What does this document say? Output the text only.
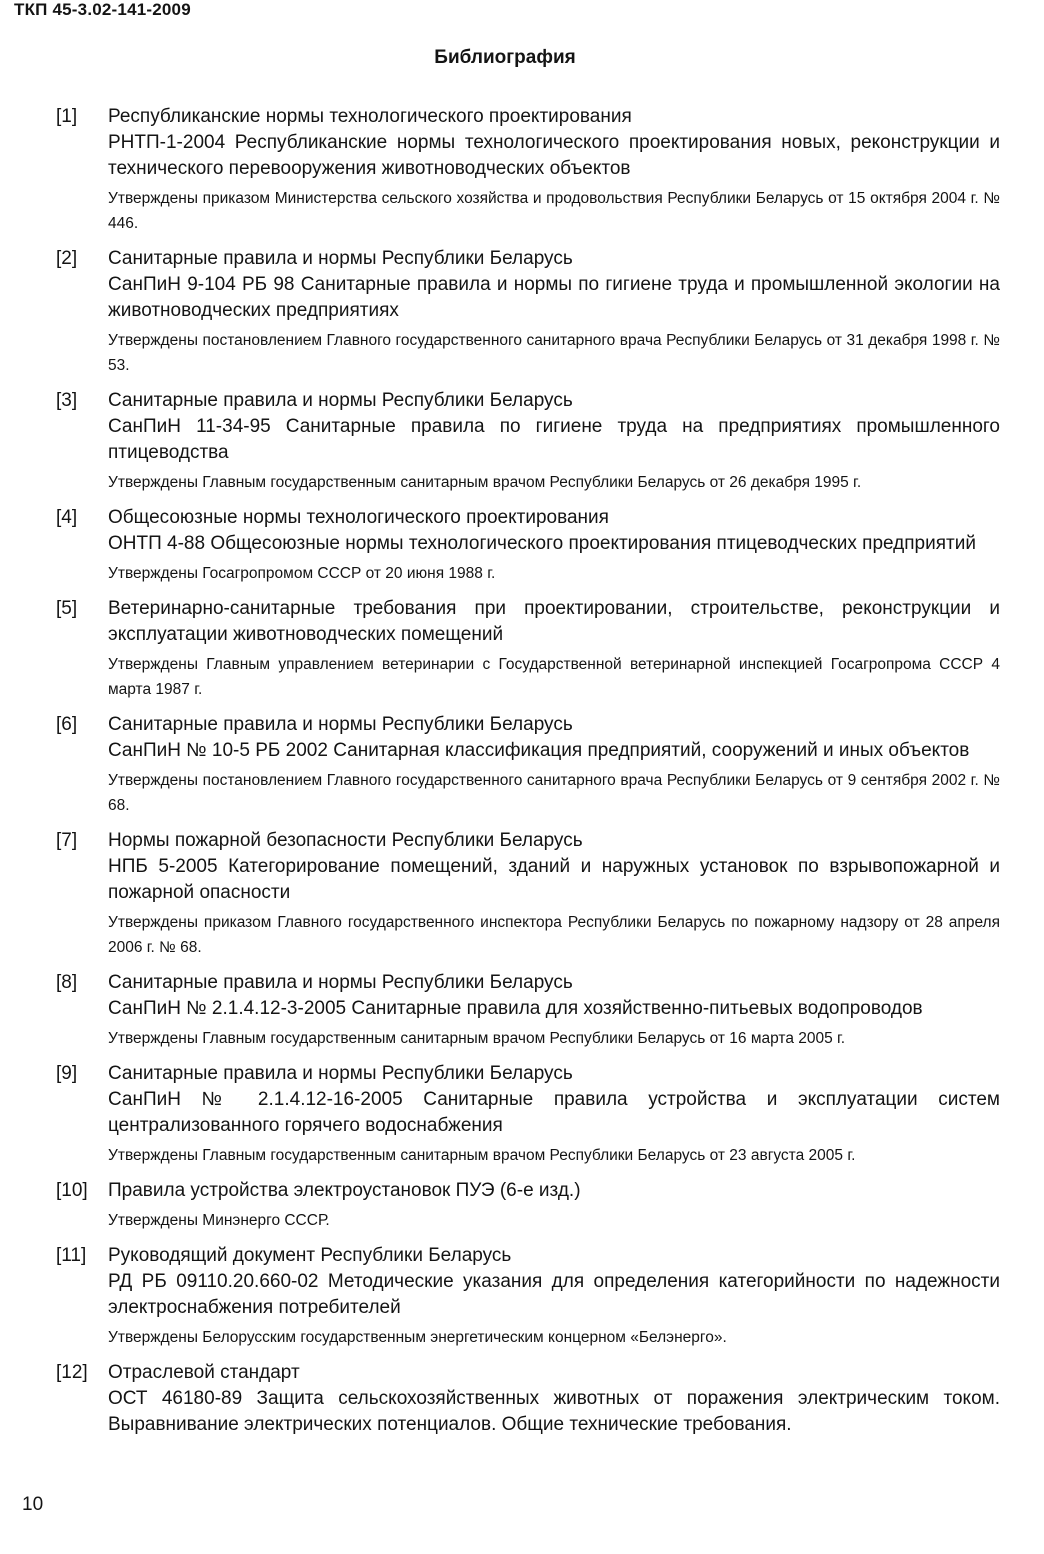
ТКП 45-3.02-141-2009
Библиография
[1] Республиканские нормы технологического проектирования
РНТП-1-2004 Республиканские нормы технологического проектирования новых, реконструкции и технического перевооружения животноводческих объектов
Утверждены приказом Министерства сельского хозяйства и продовольствия Республики Беларусь от 15 октября 2004 г. № 446.
[2] Санитарные правила и нормы Республики Беларусь
СанПиН 9-104 РБ 98 Санитарные правила и нормы по гигиене труда и промышленной экологии на животноводческих предприятиях
Утверждены постановлением Главного государственного санитарного врача Республики Беларусь от 31 декабря 1998 г. № 53.
[3] Санитарные правила и нормы Республики Беларусь
СанПиН 11-34-95 Санитарные правила по гигиене труда на предприятиях промышленного птицеводства
Утверждены Главным государственным санитарным врачом Республики Беларусь от 26 декабря 1995 г.
[4] Общесоюзные нормы технологического проектирования
ОНТП 4-88 Общесоюзные нормы технологического проектирования птицеводческих предприятий
Утверждены Госагропромом СССР от 20 июня 1988 г.
[5] Ветеринарно-санитарные требования при проектировании, строительстве, реконструкции и эксплуатации животноводческих помещений
Утверждены Главным управлением ветеринарии с Государственной ветеринарной инспекцией Госагропрома СССР 4 марта 1987 г.
[6] Санитарные правила и нормы Республики Беларусь
СанПиН № 10-5 РБ 2002 Санитарная классификация предприятий, сооружений и иных объектов
Утверждены постановлением Главного государственного санитарного врача Республики Беларусь от 9 сентября 2002 г. № 68.
[7] Нормы пожарной безопасности Республики Беларусь
НПБ 5-2005 Категорирование помещений, зданий и наружных установок по взрывопожарной и пожарной опасности
Утверждены приказом Главного государственного инспектора Республики Беларусь по пожарному надзору от 28 апреля 2006 г. № 68.
[8] Санитарные правила и нормы Республики Беларусь
СанПиН № 2.1.4.12-3-2005 Санитарные правила для хозяйственно-питьевых водопроводов
Утверждены Главным государственным санитарным врачом Республики Беларусь от 16 марта 2005 г.
[9] Санитарные правила и нормы Республики Беларусь
СанПиН № 2.1.4.12-16-2005 Санитарные правила устройства и эксплуатации систем централизованного горячего водоснабжения
Утверждены Главным государственным санитарным врачом Республики Беларусь от 23 августа 2005 г.
[10] Правила устройства электроустановок ПУЭ (6-е изд.)
Утверждены Минэнерго СССР.
[11] Руководящий документ Республики Беларусь
РД РБ 09110.20.660-02 Методические указания для определения категорийности по надежности электроснабжения потребителей
Утверждены Белорусским государственным энергетическим концерном «Белэнерго».
[12] Отраслевой стандарт
ОСТ 46180-89 Защита сельскохозяйственных животных от поражения электрическим током. Выравнивание электрических потенциалов. Общие технические требования.
10
